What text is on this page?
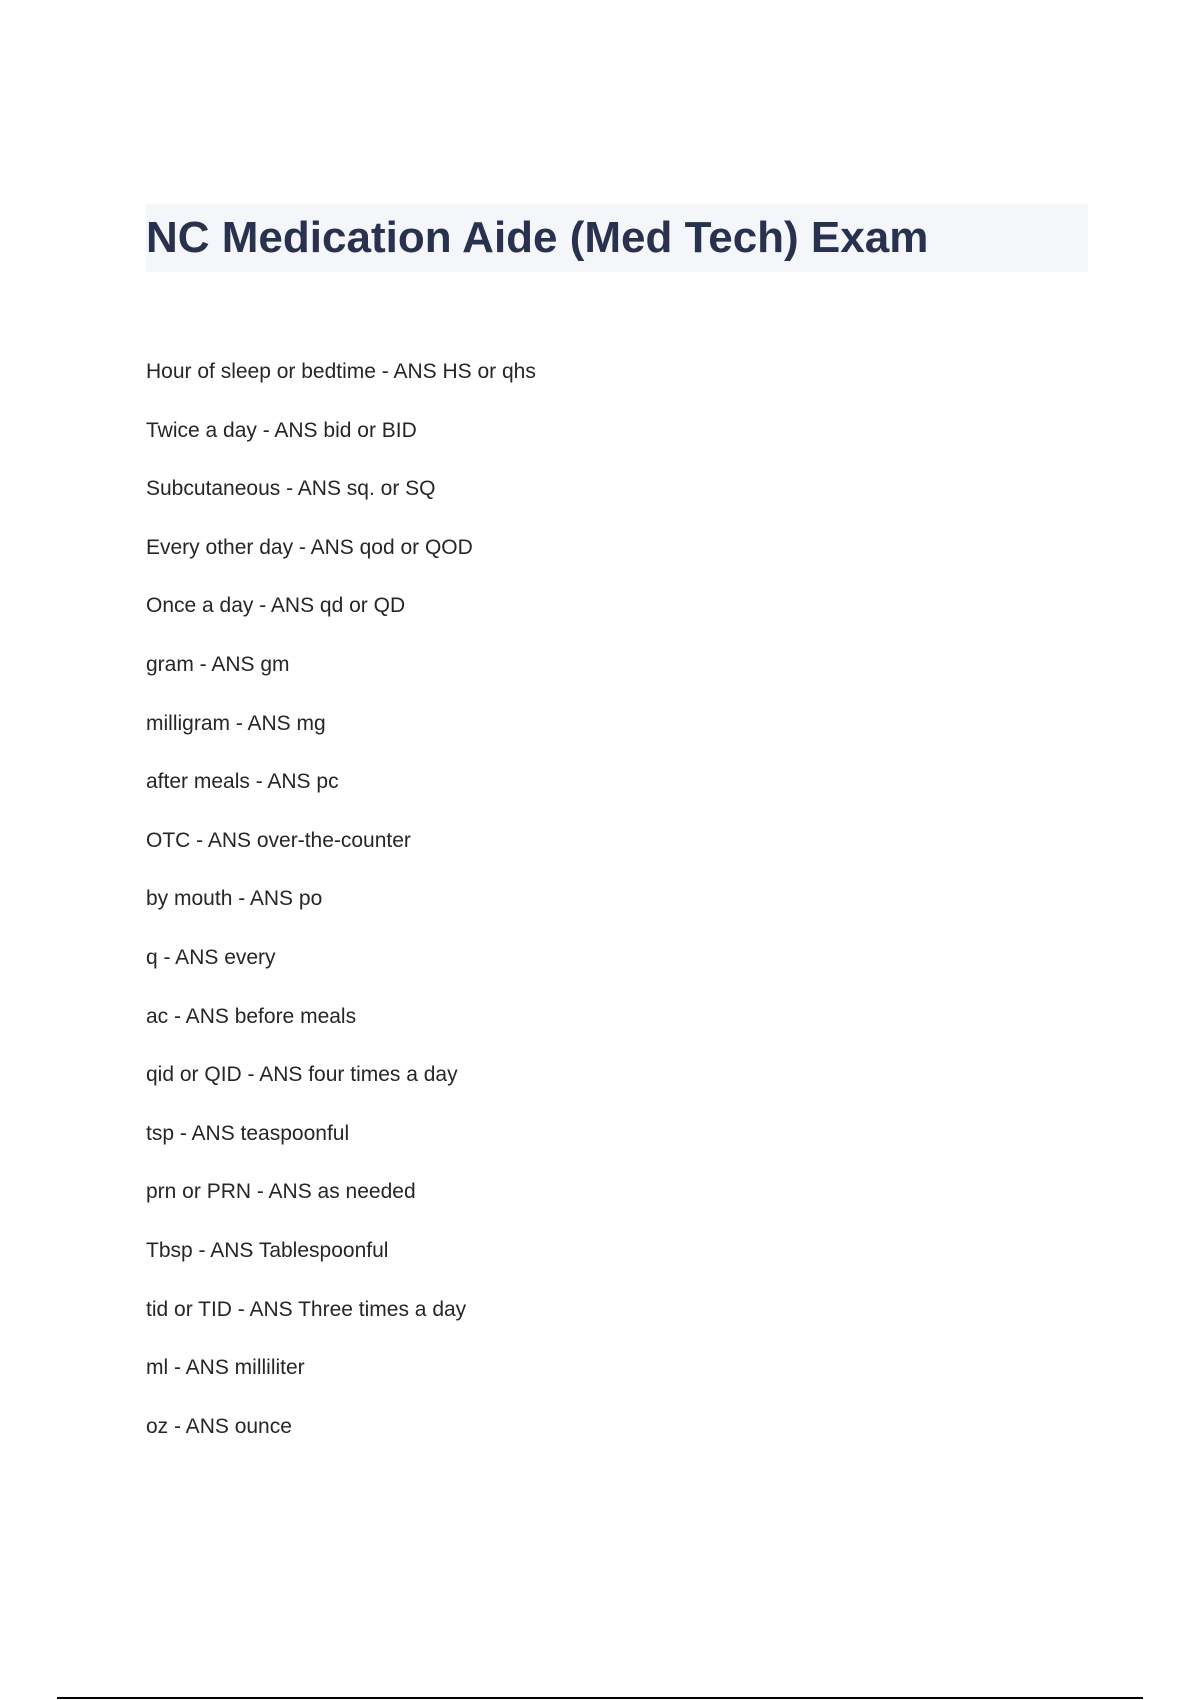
NC Medication Aide (Med Tech) Exam
Hour of sleep or bedtime - ANS HS or qhs
Twice a day - ANS bid or BID
Subcutaneous - ANS sq. or SQ
Every other day - ANS qod or QOD
Once a day - ANS qd or QD
gram - ANS gm
milligram - ANS mg
after meals - ANS pc
OTC - ANS over-the-counter
by mouth - ANS po
q - ANS every
ac - ANS before meals
qid or QID - ANS four times a day
tsp - ANS teaspoonful
prn or PRN - ANS as needed
Tbsp - ANS Tablespoonful
tid or TID - ANS Three times a day
ml - ANS milliliter
oz - ANS ounce
